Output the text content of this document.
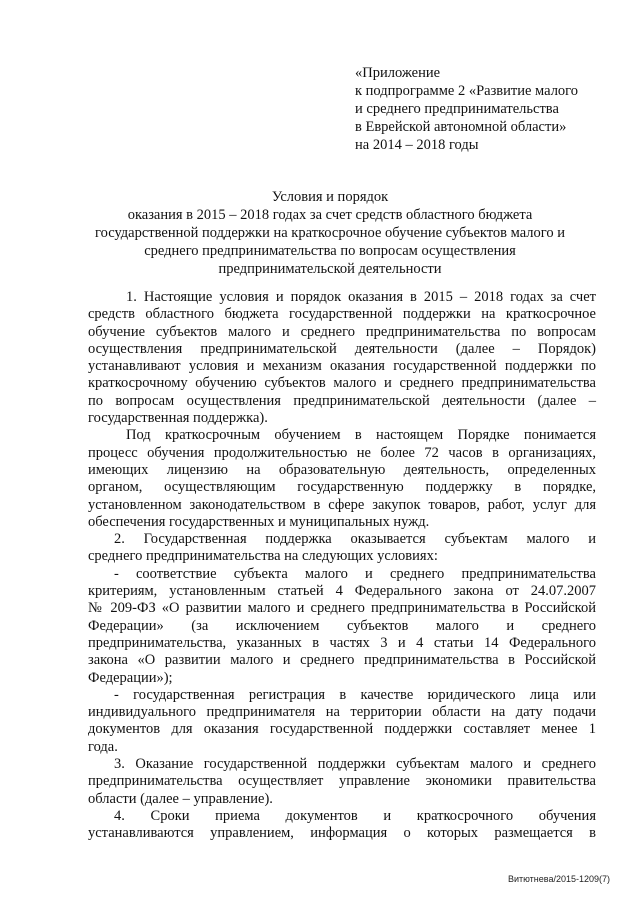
«Приложение
к подпрограмме 2 «Развитие малого
и среднего предпринимательства
в Еврейской автономной области»
на 2014 – 2018 годы
Условия и порядок
оказания в 2015 – 2018 годах за счет средств областного бюджета
государственной поддержки на краткосрочное обучение субъектов малого и
среднего предпринимательства по вопросам осуществления
предпринимательской деятельности
1. Настоящие условия и порядок оказания в 2015 – 2018 годах за счет
средств областного бюджета государственной поддержки на краткосрочное
обучение субъектов малого и среднего предпринимательства по вопросам
осуществления предпринимательской деятельности (далее – Порядок)
устанавливают условия и механизм оказания государственной поддержки по
краткосрочному обучению субъектов малого и среднего предпринимательства
по вопросам осуществления предпринимательской деятельности (далее –
государственная поддержка).
Под краткосрочным обучением в настоящем Порядке понимается
процесс обучения продолжительностью не более 72 часов в организациях,
имеющих лицензию на образовательную деятельность, определенных
органом, осуществляющим государственную поддержку в порядке,
установленном законодательством в сфере закупок товаров, работ, услуг для
обеспечения государственных и муниципальных нужд.
2. Государственная поддержка оказывается субъектам малого и
среднего предпринимательства на следующих условиях:
- соответствие субъекта малого и среднего предпринимательства
критериям, установленным статьей 4 Федерального закона от 24.07.2007
№ 209-ФЗ «О развитии малого и среднего предпринимательства в Российской
Федерации» (за исключением субъектов малого и среднего
предпринимательства, указанных в частях 3 и 4 статьи 14 Федерального
закона «О развитии малого и среднего предпринимательства в Российской
Федерации»);
- государственная регистрация в качестве юридического лица или
индивидуального предпринимателя на территории области на дату подачи
документов для оказания государственной поддержки составляет менее 1
года.
3. Оказание государственной поддержки субъектам малого и среднего
предпринимательства осуществляет управление экономики правительства
области (далее – управление).
4. Сроки приема документов и краткосрочного обучения
устанавливаются управлением, информация о которых размещается в
Витютнева/2015-1209(7)
